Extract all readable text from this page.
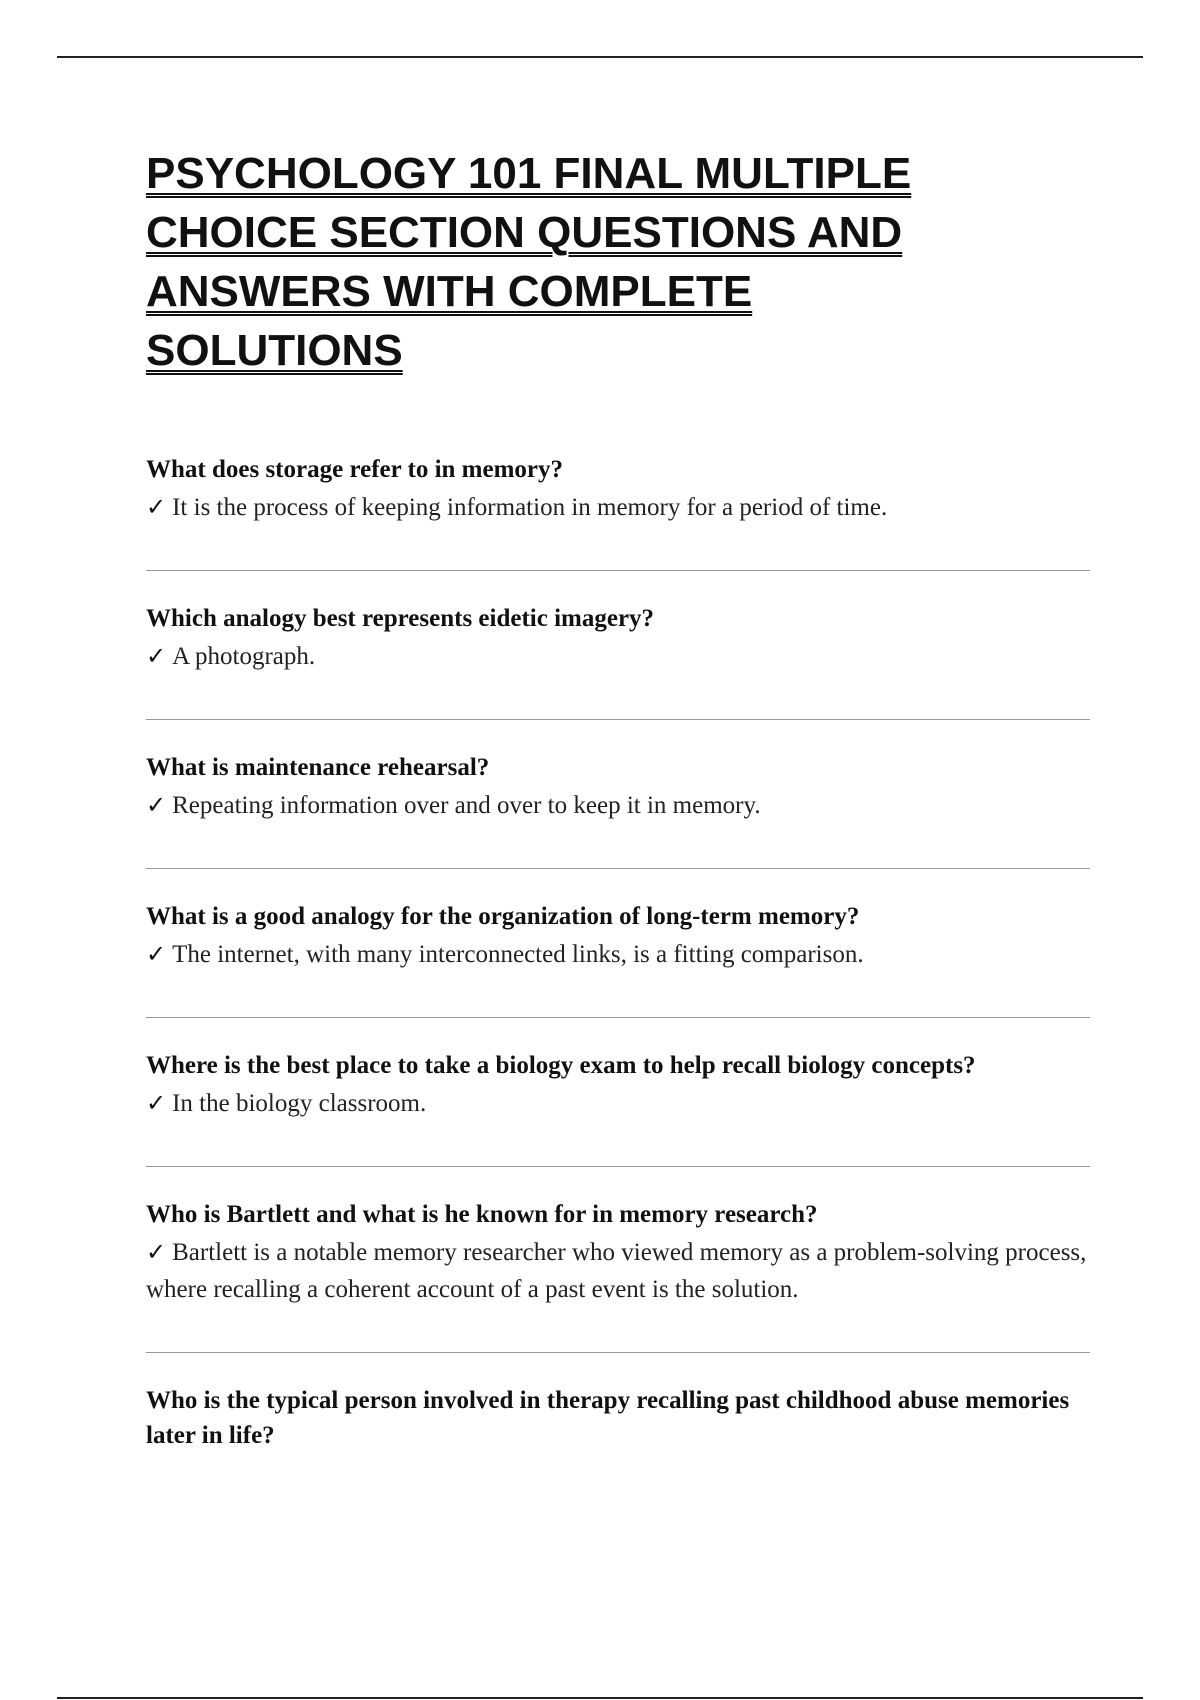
PSYCHOLOGY 101 FINAL MULTIPLE CHOICE SECTION QUESTIONS AND ANSWERS WITH COMPLETE SOLUTIONS

What does storage refer to in memory?

✓ It is the process of keeping information in memory for a period of time.

Which analogy best represents eidetic imagery?

✓ A photograph.

What is maintenance rehearsal?

✓ Repeating information over and over to keep it in memory.

What is a good analogy for the organization of long-term memory?

✓ The internet, with many interconnected links, is a fitting comparison.

Where is the best place to take a biology exam to help recall biology concepts?

✓ In the biology classroom.

Who is Bartlett and what is he known for in memory research?

✓ Bartlett is a notable memory researcher who viewed memory as a problem-solving process, where recalling a coherent account of a past event is the solution.

Who is the typical person involved in therapy recalling past childhood abuse memories later in life?
